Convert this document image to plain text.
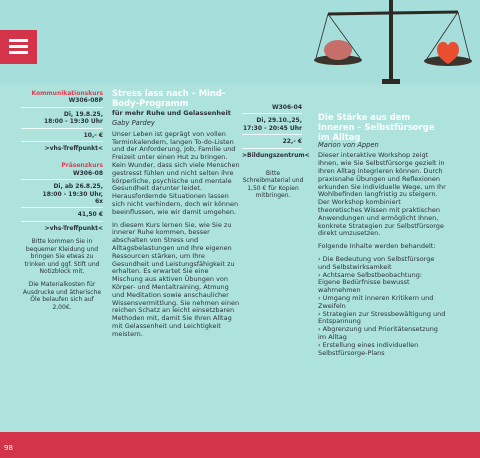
Kommunikationskurs
W306-08P
Di, 19.8.25,
18:00 - 19:30 Uhr
10,- €
>vhs-Treffpunkt<
Präsenzkurs
W306-08
Di, ab 26.8.25,
18:00 - 19:30 Uhr,
6x
41,50 €
>vhs-Treffpunkt<
Bitte kommen Sie in bequemer Kleidung und bringen Sie etwas zu trinken und ggf. Stift und Notizblock mit.
Die Materialkosten für Ausdrucke und ätherische Öle belaufen sich auf 2,00€.
Stress lass nach – Mind-Body-Programm
für mehr Ruhe und Gelassenheit
Gaby Pardey

Unser Leben ist geprägt von vollen Terminkalendern, langen To-do-Listen und der Anforderung, Job, Familie und Freizeit unter einen Hut zu bringen. Kein Wunder, dass sich viele Menschen gestresst fühlen und nicht selten ihre körperliche, psychische und mentale Gesundheit darunter leidet. Herausfordernde Situationen lassen sich nicht verhindern, doch wir können beeinflussen, wie wir damit umgehen.

In diesem Kurs lernen Sie, wie Sie zu innerer Ruhe kommen, besser abschalten von Stress und Alltagsbelastungen und Ihre eigenen Ressourcen stärken, um Ihre Gesundheit und Leistungsfähigkeit zu erhalten. Es erwartet Sie eine Mischung aus aktiven Übungen von Körper- und Mentaltraining, Atmung und Meditation sowie anschaulicher Wissensvermittlung. Sie nehmen einen reichen Schatz an leicht einsetzbaren Methoden mit, damit Sie Ihren Alltag mit Gelassenheit und Leichtigkeit meistern.

W306-04
Di, 29.10.,25,
17:30 - 20:45 Uhr
22,- €
>Bildungszentrum<
Bitte Schreibmaterial und 1,50 € für Kopien mitbringen.
Die Stärke aus dem Inneren – Selbstfürsorge im Alltag
Marion von Appen

Dieser interaktive Workshop zeigt Ihnen, wie Sie Selbstfürsorge gezielt in Ihren Alltag integrieren können. Durch praxisnahe Übungen und Reflexionen erkunden Sie individuelle Wege, um Ihr Wohlbefinden langfristig zu steigern. Der Workshop kombiniert theoretisches Wissen mit praktischen Anwendungen und ermöglicht Ihnen, konkrete Strategien zur Selbstfürsorge direkt umzusetzen.

Folgende Inhalte werden behandelt:

› Die Bedeutung von Selbstfürsorge und Selbstwirksamkeit
› Achtsame Selbstbeobachtung: Eigene Bedürfnisse bewusst wahrnehmen
› Umgang mit inneren Kritikern und Zweifeln
› Strategien zur Stressbewältigung und Entspannung
› Abgrenzung und Prioritätensetzung im Alltag
› Erstellung eines individuellen Selbstfürsorge-Plans
98
